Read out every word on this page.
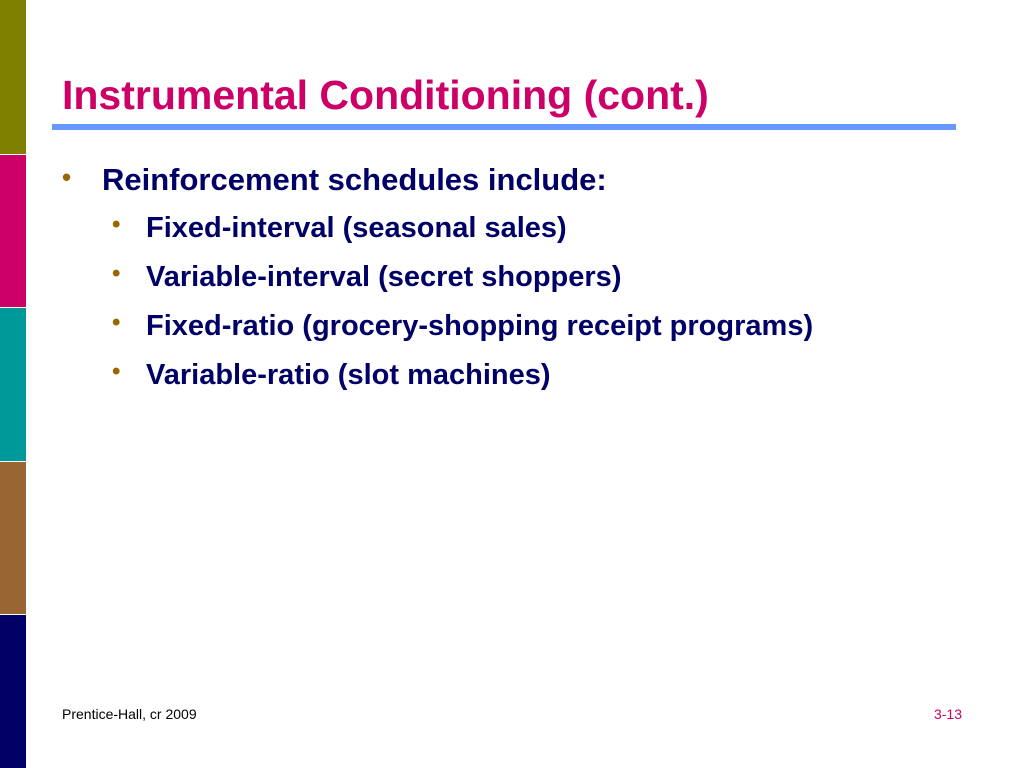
Instrumental Conditioning (cont.)
• Reinforcement schedules include:
• Fixed-interval (seasonal sales)
• Variable-interval (secret shoppers)
• Fixed-ratio (grocery-shopping receipt programs)
• Variable-ratio (slot machines)
Prentice-Hall, cr 2009	3-13
